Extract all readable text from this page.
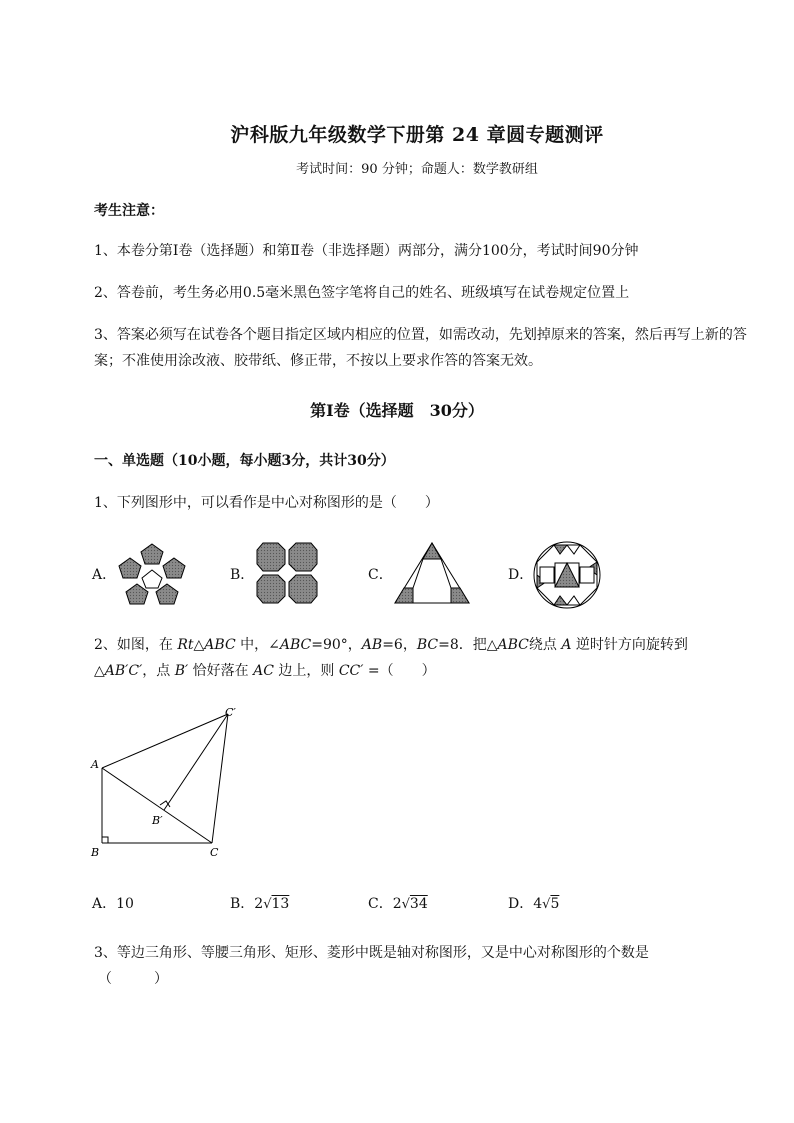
沪科版九年级数学下册第 24 章圆专题测评
考试时间：90 分钟；命题人：数学教研组
考生注意：
1、本卷分第Ⅰ卷（选择题）和第Ⅱ卷（非选择题）两部分，满分100分，考试时间90分钟
2、答卷前，考生务必用0.5毫米黑色签字笔将自己的姓名、班级填写在试卷规定位置上
3、答案必须写在试卷各个题目指定区域内相应的位置，如需改动，先划掉原来的答案，然后再写上新的答案；不准使用涂改液、胶带纸、修正带，不按以上要求作答的答案无效。
第Ⅰ卷（选择题　30分）
一、单选题（10小题，每小题3分，共计30分）
1、下列图形中，可以看作是中心对称图形的是（　　）
A．	B．	C．	D．
2、如图，在 Rt△ABC 中，∠ABC=90°，AB=6，BC=8．把△ABC绕点 A 逆时针方向旋转到
△AB′C′，点 B′ 恰好落在 AC 边上，则 CC′ =（　　）
A
B	C
B′
C′
A．10	B．2√13	C．2√34	D．4√5
3、等边三角形、等腰三角形、矩形、菱形中既是轴对称图形，又是中心对称图形的个数是
（　　　）
